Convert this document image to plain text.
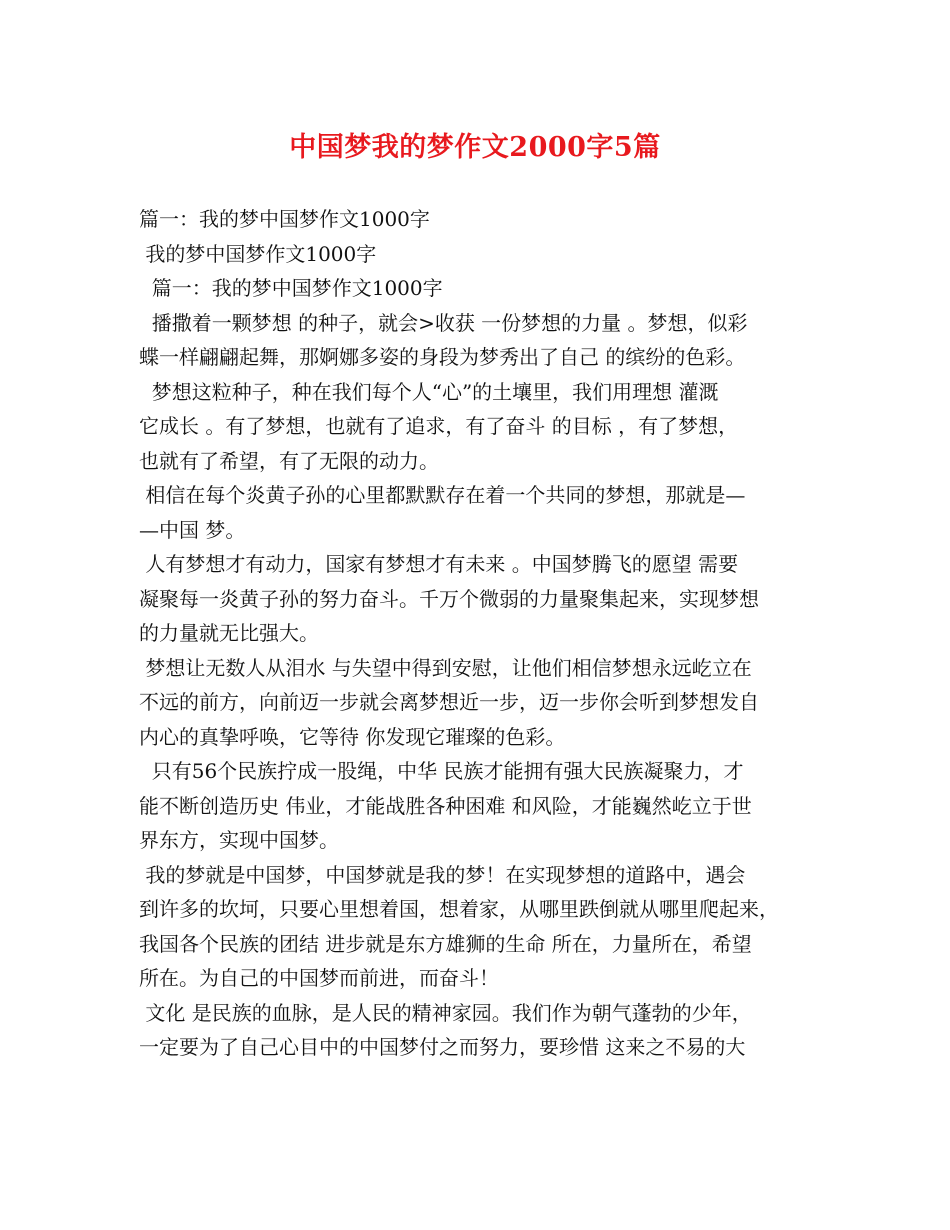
中国梦我的梦作文2000字5篇
篇一：我的梦中国梦作文1000字
我的梦中国梦作文1000字
篇一：我的梦中国梦作文1000字
播撒着一颗梦想 的种子，就会>收获 一份梦想的力量 。梦想，似彩
蝶一样翩翩起舞，那婀娜多姿的身段为梦秀出了自己 的缤纷的色彩。
梦想这粒种子，种在我们每个人“心”的土壤里，我们用理想 灌溉
它成长 。有了梦想，也就有了追求，有了奋斗 的目标 ，有了梦想，
也就有了希望，有了无限的动力。
相信在每个炎黄子孙的心里都默默存在着一个共同的梦想，那就是—
—中国 梦。
人有梦想才有动力，国家有梦想才有未来 。中国梦腾飞的愿望 需要
凝聚每一炎黄子孙的努力奋斗。千万个微弱的力量聚集起来，实现梦想
的力量就无比强大。
梦想让无数人从泪水 与失望中得到安慰，让他们相信梦想永远屹立在
不远的前方，向前迈一步就会离梦想近一步，迈一步你会听到梦想发自
内心的真挚呼唤，它等待 你发现它璀璨的色彩。
只有56个民族拧成一股绳，中华 民族才能拥有强大民族凝聚力，才
能不断创造历史 伟业，才能战胜各种困难 和风险，才能巍然屹立于世
界东方，实现中国梦。
我的梦就是中国梦，中国梦就是我的梦！在实现梦想的道路中，遇会
到许多的坎坷，只要心里想着国，想着家，从哪里跌倒就从哪里爬起来，
我国各个民族的团结 进步就是东方雄狮的生命 所在，力量所在，希望
所在。为自己的中国梦而前进，而奋斗！
文化 是民族的血脉，是人民的精神家园。我们作为朝气蓬勃的少年，
一定要为了自己心目中的中国梦付之而努力，要珍惜 这来之不易的大
